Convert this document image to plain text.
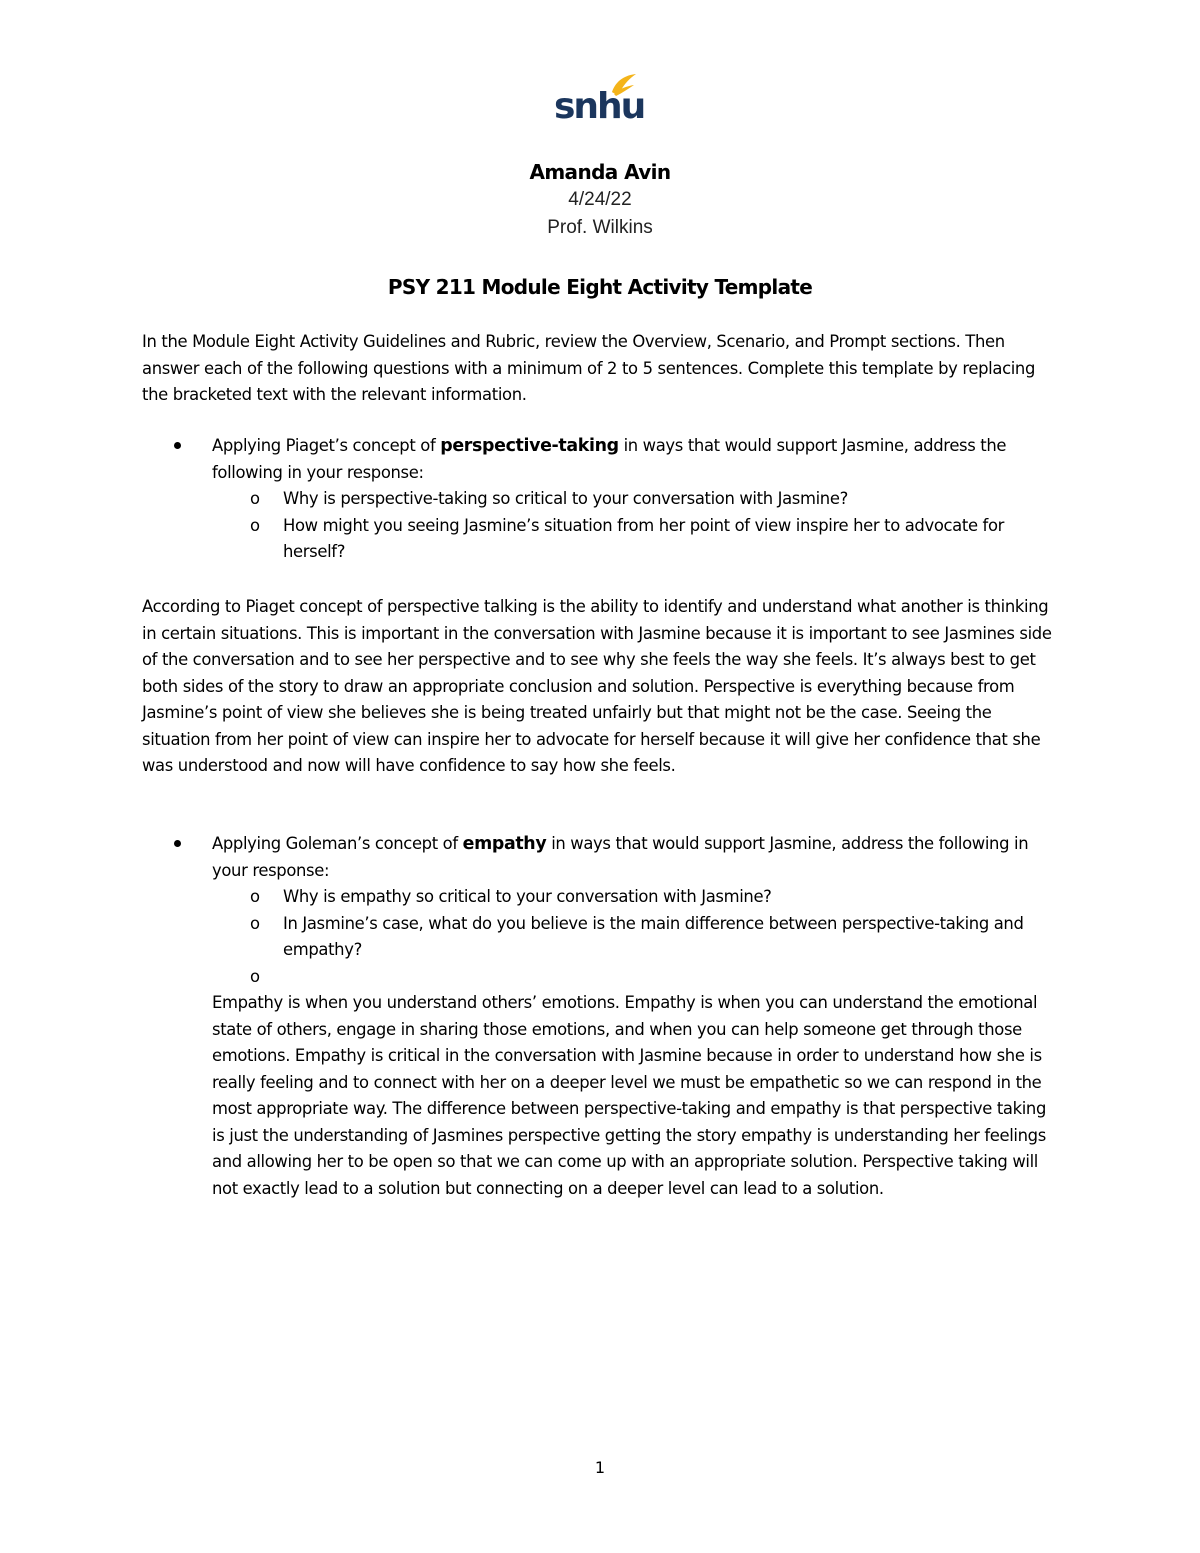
snhu
Amanda Avin
4/24/22
Prof. Wilkins
PSY 211 Module Eight Activity Template
In the Module Eight Activity Guidelines and Rubric, review the Overview, Scenario, and Prompt sections. Then answer each of the following questions with a minimum of 2 to 5 sentences. Complete this template by replacing the bracketed text with the relevant information.
Applying Piaget’s concept of perspective-taking in ways that would support Jasmine, address the following in your response:
o Why is perspective-taking so critical to your conversation with Jasmine?
o How might you seeing Jasmine’s situation from her point of view inspire her to advocate for herself?
According to Piaget concept of perspective talking is the ability to identify and understand what another is thinking in certain situations. This is important in the conversation with Jasmine because it is important to see Jasmines side of the conversation and to see her perspective and to see why she feels the way she feels. It’s always best to get both sides of the story to draw an appropriate conclusion and solution. Perspective is everything because from Jasmine’s point of view she believes she is being treated unfairly but that might not be the case. Seeing the situation from her point of view can inspire her to advocate for herself because it will give her confidence that she was understood and now will have confidence to say how she feels.
Applying Goleman’s concept of empathy in ways that would support Jasmine, address the following in your response:
o Why is empathy so critical to your conversation with Jasmine?
o In Jasmine’s case, what do you believe is the main difference between perspective-taking and empathy?
o

Empathy is when you understand others’ emotions. Empathy is when you can understand the emotional state of others, engage in sharing those emotions, and when you can help someone get through those emotions. Empathy is critical in the conversation with Jasmine because in order to understand how she is really feeling and to connect with her on a deeper level we must be empathetic so we can respond in the most appropriate way. The difference between perspective-taking and empathy is that perspective taking is just the understanding of Jasmines perspective getting the story empathy is understanding her feelings and allowing her to be open so that we can come up with an appropriate solution. Perspective taking will not exactly lead to a solution but connecting on a deeper level can lead to a solution.
1
